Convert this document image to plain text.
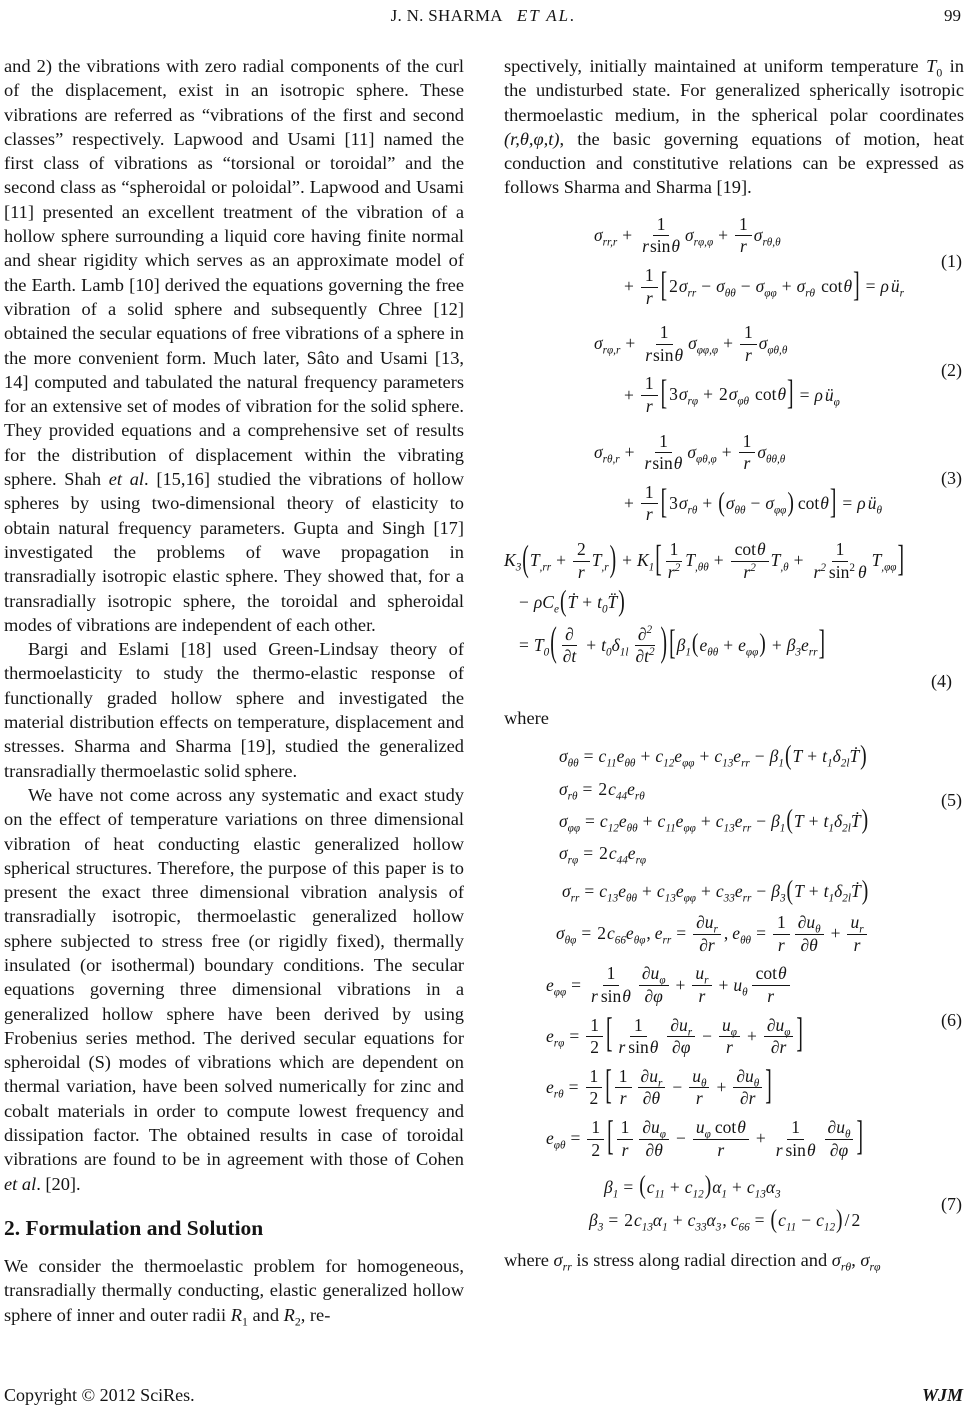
J. N. SHARMA ET AL.	99

and 2) the vibrations with zero radial components of the curl of the displacement, exist in an isotropic sphere. These vibrations are referred as “vibrations of the first and second classes” respectively. Lapwood and Usami [11] named the first class of vibrations as “torsional or toroidal” and the second class as “spheroidal or poloidal”. Lapwood and Usami [11] presented an excellent treatment of the vibration of a hollow sphere surrounding a liquid core having finite normal and shear rigidity which serves as an approximate model of the Earth. Lamb [10] derived the equations governing the free vibration of a solid sphere and subsequently Chree [12] obtained the secular equations of free vibrations of a sphere in the more convenient form. Much later, Sâto and Usami [13, 14] computed and tabulated the natural frequency parameters for an extensive set of modes of vibration for the solid sphere. They provided equations and a comprehensive set of results for the distribution of displacement within the vibrating sphere. Shah et al. [15,16] studied the vibrations of hollow spheres by using two-dimensional theory of elasticity to obtain natural frequency parameters. Gupta and Singh [17] investigated the problems of wave propagation in transradially isotropic elastic sphere. They showed that, for a transradially isotropic sphere, the toroidal and spheroidal modes of vibrations are independent of each other.

Bargi and Eslami [18] used Green-Lindsay theory of thermoelasticity to study the thermo-elastic response of functionally graded hollow sphere and investigated the material distribution effects on temperature, displacement and stresses. Sharma and Sharma [19], studied the generalized transradially thermoelastic solid sphere.

We have not come across any systematic and exact study on the effect of temperature variations on three dimensional vibration of heat conducting elastic generalized hollow spherical structures. Therefore, the purpose of this paper is to present the exact three dimensional vibration analysis of transradially isotropic, thermoelastic generalized hollow sphere subjected to stress free (or rigidly fixed), thermally insulated (or isothermal) boundary conditions. The secular equations governing three dimensional vibrations in a generalized hollow sphere have been derived by using Frobenius series method. The derived secular equations for spheroidal (S) modes of vibrations which are dependent on thermal variation, have been solved numerically for zinc and cobalt materials in order to compute lowest frequency and dissipation factor. The obtained results in case of toroidal vibrations are found to be in agreement with those of Cohen et al. [20].

2. Formulation and Solution

We consider the thermoelastic problem for homogeneous, transradially thermally conducting, elastic generalized hollow sphere of inner and outer radii $R_1$ and $R_2$, re-

spectively, initially maintained at uniform temperature $T_0$ in the undisturbed state. For generalized spherically isotropic thermoelastic medium, in the spherical polar coordinates (r,θ,φ,t), the basic governing equations of motion, heat conduction and constitutive relations can be expressed as follows Sharma and Sharma [19].

$\sigma_{rr,r} + \frac{1}{rsin\theta} \sigma_{r\varphi,\varphi} + \frac{1}{r} \sigma_{r\theta,\theta}$
+ $\frac{1}{r}$ [ 2 $\sigma_{rr} - \sigma_{\theta\theta} - \sigma_{\varphi\varphi} + \sigma_{r\theta}$ cot θ ] = ρ $ü_r$
(1)
$\sigma_{r\varphi,r} + \frac{1}{rsin\theta} \sigma_{\varphi\varphi,\varphi} + \frac{1}{r} \sigma_{\varphi\theta,\theta}$
+ $\frac{1}{r}$ [ 3 $\sigma_{r\varphi} + 2$ $\sigma_{\varphi\theta}$ cot θ ] = ρ $ü_\varphi$
(2)
$\sigma_{r\theta,r} + \frac{1}{rsin\theta} \sigma_{\varphi\theta,\varphi} + \frac{1}{r} \sigma_{\theta\theta,\theta}$
+ $\frac{1}{r}$ [ 3 $\sigma_{r\theta}$ + ( $\sigma_{\theta\theta} - \sigma_{\varphi\varphi}$ ) cot θ ] = ρ $ü_\theta$
(3)
$K_3$ ( $T_{,rr} + \frac{2}{r} T_{,r}$ ) + $K_1$ [ 1
$r^2$ $T_{,\theta\theta} + \frac{\cot\theta}{r^2} T_{,\theta} + \frac{1}{r^2 \sin^2 \theta} T_{,\varphi\varphi}$ ]
− ρ $C_e$ ( Ṫ + $t_0$ T̈ )
= $T_0$ ( ∂
∂t
+ $t_0$ $\delta_{1l}$
∂$^2$
$\partial t^2$ ) [ $\beta_1$ ( $e_{\theta\theta} + e_{\varphi\varphi}$ ) + $\beta_3$ $e_{rr}$ ]
(4)

where

$\sigma_{\theta\theta} = c_{11}$ $e_{\theta\theta} + c_{12}$ $e_{\varphi\varphi} + c_{13}$ $e_{rr} - \beta_1$ ( $T + t_1$ $\delta_{2l}$ Ṫ )
$\sigma_{r\theta} = 2$ $c_{44}$ $e_{r\theta}$
$\sigma_{\varphi\varphi} = c_{12}$ $e_{\theta\theta} + c_{11}$ $e_{\varphi\varphi} + c_{13}$ $e_{rr} - \beta_1$ ( $T + t_1$ $\delta_{2l}$ Ṫ )
$\sigma_{r\varphi} = 2$ $c_{44}$ $e_{r\varphi}$
(5)
$\sigma_{rr} = c_{13}$ $e_{\theta\theta} + c_{13}$ $e_{\varphi\varphi} + c_{33}$ $e_{rr} - \beta_3$ ( $T + t_1$ $\delta_{2l}$ Ṫ )
$\sigma_{\theta\varphi} = 2$ $c_{66}$ $e_{\theta\varphi}$ , $e_{rr} = \frac{\partial u_r}{\partial r}$ , $e_{\theta\theta} = \frac{1}{r} \partial u_\theta$
∂θ
+ $\frac{u_r}{r}$
$e_{\varphi\varphi} = \frac{1}{\text{r sinθ}} \partial u_\varphi$
∂φ
+ $\frac{u_r}{r} + u_\theta$
cotθ
r
$e_{r\varphi} = \frac{1}{2}$ [ 1
r sinθ
$\partial u_r$
∂φ
− $\frac{u_\varphi}{r} + \frac{\partial u_\varphi}{\partial r}$ ]
$e_{r\theta} = \frac{1}{2}$ [ 1
r
$\partial u_r$
∂θ
− $\frac{u_\theta}{r} + \frac{\partial u_\theta}{\partial r}$ ]
$e_{\varphi\theta} = \frac{1}{2}$ [ 1
r
$\partial u_\varphi$
∂θ
− $\frac{u_\varphi \cot\theta}{r} + \frac{1}{\text{r sinθ}} \partial u_\theta$
∂φ ]
(6)
$\beta_1$ = ( $c_{11} + c_{12}$ ) $\alpha_1 + c_{13}$ $\alpha_3$
$\beta_3 = 2$ $c_{13}$ $\alpha_1 + c_{33}$ $\alpha_3$ , $c_{66}$ = ( $c_{11} - c_{12}$ ) / 2
(7)

where $\sigma_{rr}$ is stress along radial direction and $\sigma_{r\theta}$, $\sigma_{r\varphi}$

Copyright © 2012 SciRes.	WJM
